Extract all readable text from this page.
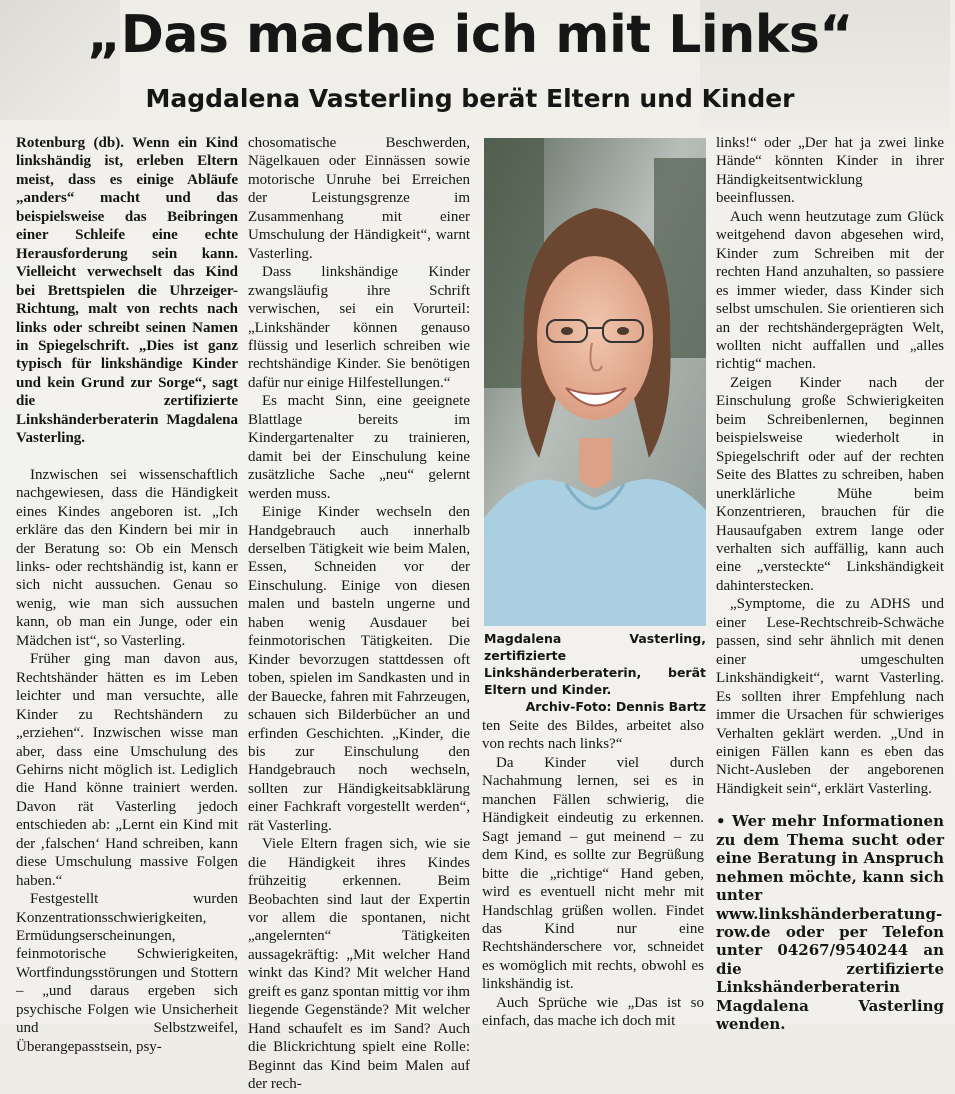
„Das mache ich mit Links“
Magdalena Vasterling berät Eltern und Kinder

Rotenburg (db). Wenn ein Kind linkshändig ist, erleben Eltern meist, dass es einige Abläufe „anders“ macht und das beispielsweise das Beibringen einer Schleife eine echte Herausforderung sein kann. Vielleicht verwechselt das Kind bei Brettspielen die Uhrzeiger-Richtung, malt von rechts nach links oder schreibt seinen Namen in Spiegelschrift. „Dies ist ganz typisch für linkshändige Kinder und kein Grund zur Sorge“, sagt die zertifizierte Linkshänderberaterin Magdalena Vasterling.

Inzwischen sei wissenschaftlich nachgewiesen, dass die Händigkeit eines Kindes angeboren ist. „Ich erkläre das den Kindern bei mir in der Beratung so: Ob ein Mensch links- oder rechtshändig ist, kann er sich nicht aussuchen. Genau so wenig, wie man sich aussuchen kann, ob man ein Junge, oder ein Mädchen ist“, so Vasterling.

Früher ging man davon aus, Rechtshänder hätten es im Leben leichter und man versuchte, alle Kinder zu Rechtshändern zu „erziehen“. Inzwischen wisse man aber, dass eine Umschulung des Gehirns nicht möglich ist. Lediglich die Hand könne trainiert werden. Davon rät Vasterling jedoch entschieden ab: „Lernt ein Kind mit der ‚falschen‘ Hand schreiben, kann diese Umschulung massive Folgen haben.“

Festgestellt wurden Konzentrationsschwierigkeiten, Ermüdungserscheinungen, feinmotorische Schwierigkeiten, Wortfindungsstörungen und Stottern – „und daraus ergeben sich psychische Folgen wie Unsicherheit und Selbstzweifel, Überangepasstsein, psy-

chosomatische Beschwerden, Nägelkauen oder Einnässen sowie motorische Unruhe bei Erreichen der Leistungsgrenze im Zusammenhang mit einer Umschulung der Händigkeit“, warnt Vasterling.

Dass linkshändige Kinder zwangsläufig ihre Schrift verwischen, sei ein Vorurteil: „Linkshänder können genauso flüssig und leserlich schreiben wie rechtshändige Kinder. Sie benötigen dafür nur einige Hilfestellungen.“

Es macht Sinn, eine geeignete Blattlage bereits im Kindergartenalter zu trainieren, damit bei der Einschulung keine zusätzliche Sache „neu“ gelernt werden muss.

Einige Kinder wechseln den Handgebrauch auch innerhalb derselben Tätigkeit wie beim Malen, Essen, Schneiden vor der Einschulung. Einige von diesen malen und basteln ungerne und haben wenig Ausdauer bei feinmotorischen Tätigkeiten. Die Kinder bevorzugen stattdessen oft toben, spielen im Sandkasten und in der Bauecke, fahren mit Fahrzeugen, schauen sich Bilderbücher an und erfinden Geschichten. „Kinder, die bis zur Einschulung den Handgebrauch noch wechseln, sollten zur Händigkeitsabklärung einer Fachkraft vorgestellt werden“, rät Vasterling.

Viele Eltern fragen sich, wie sie die Händigkeit ihres Kindes frühzeitig erkennen. Beim Beobachten sind laut der Expertin vor allem die spontanen, nicht „angelernten“ Tätigkeiten aussagekräftig: „Mit welcher Hand winkt das Kind? Mit welcher Hand greift es ganz spontan mittig vor ihm liegende Gegenstände? Mit welcher Hand schaufelt es im Sand? Auch die Blickrichtung spielt eine Rolle: Beginnt das Kind beim Malen auf der rech-

Magdalena Vasterling, zertifizierte Linkshänderberaterin, berät Eltern und Kinder.
Archiv-Foto: Dennis Bartz

ten Seite des Bildes, arbeitet also von rechts nach links?“

Da Kinder viel durch Nachahmung lernen, sei es in manchen Fällen schwierig, die Händigkeit eindeutig zu erkennen. Sagt jemand – gut meinend – zu dem Kind, es sollte zur Begrüßung bitte die „richtige“ Hand geben, wird es eventuell nicht mehr mit Handschlag grüßen wollen. Findet das Kind nur eine Rechtshänderschere vor, schneidet es womöglich mit rechts, obwohl es linkshändig ist.

Auch Sprüche wie „Das ist so einfach, das mache ich doch mit

links!“ oder „Der hat ja zwei linke Hände“ könnten Kinder in ihrer Händigkeitsentwicklung beeinflussen.

Auch wenn heutzutage zum Glück weitgehend davon abgesehen wird, Kinder zum Schreiben mit der rechten Hand anzuhalten, so passiere es immer wieder, dass Kinder sich selbst umschulen. Sie orientieren sich an der rechtshändergeprägten Welt, wollten nicht auffallen und „alles richtig“ machen.

Zeigen Kinder nach der Einschulung große Schwierigkeiten beim Schreibenlernen, beginnen beispielsweise wiederholt in Spiegelschrift oder auf der rechten Seite des Blattes zu schreiben, haben unerklärliche Mühe beim Konzentrieren, brauchen für die Hausaufgaben extrem lange oder verhalten sich auffällig, kann auch eine „versteckte“ Linkshändigkeit dahinterstecken.

„Symptome, die zu ADHS und einer Lese-Rechtschreib-Schwäche passen, sind sehr ähnlich mit denen einer umgeschulten Linkshändigkeit“, warnt Vasterling. Es sollten ihrer Empfehlung nach immer die Ursachen für schwieriges Verhalten geklärt werden. „Und in einigen Fällen kann es eben das Nicht-Ausleben der angeborenen Händigkeit sein“, erklärt Vasterling.

• Wer mehr Informationen zu dem Thema sucht oder eine Beratung in Anspruch nehmen möchte, kann sich unter www.linkshänderberatung-row.de oder per Telefon unter 04267/9540244 an die zertifizierte Linkshänderberaterin Magdalena Vasterling wenden.
